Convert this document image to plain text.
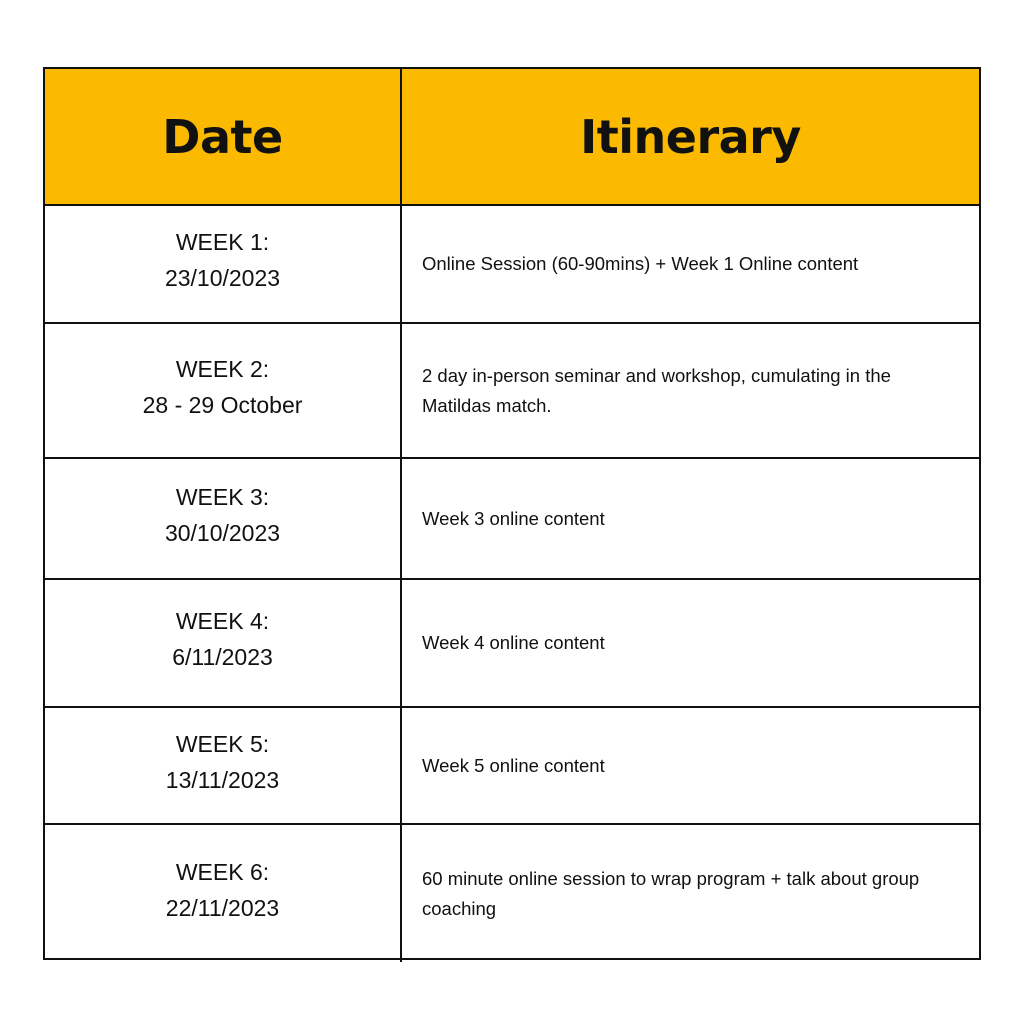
Date	Itinerary
WEEK 1:
23/10/2023
Online Session (60-90mins) + Week 1 Online content
WEEK 2:
28 - 29 October
2 day in-person seminar and workshop, cumulating in the Matildas match.
WEEK 3:
30/10/2023
Week 3 online content
WEEK 4:
6/11/2023
Week 4 online content
WEEK 5:
13/11/2023
Week 5 online content
WEEK 6:
22/11/2023
60 minute online session to wrap program + talk about group coaching
